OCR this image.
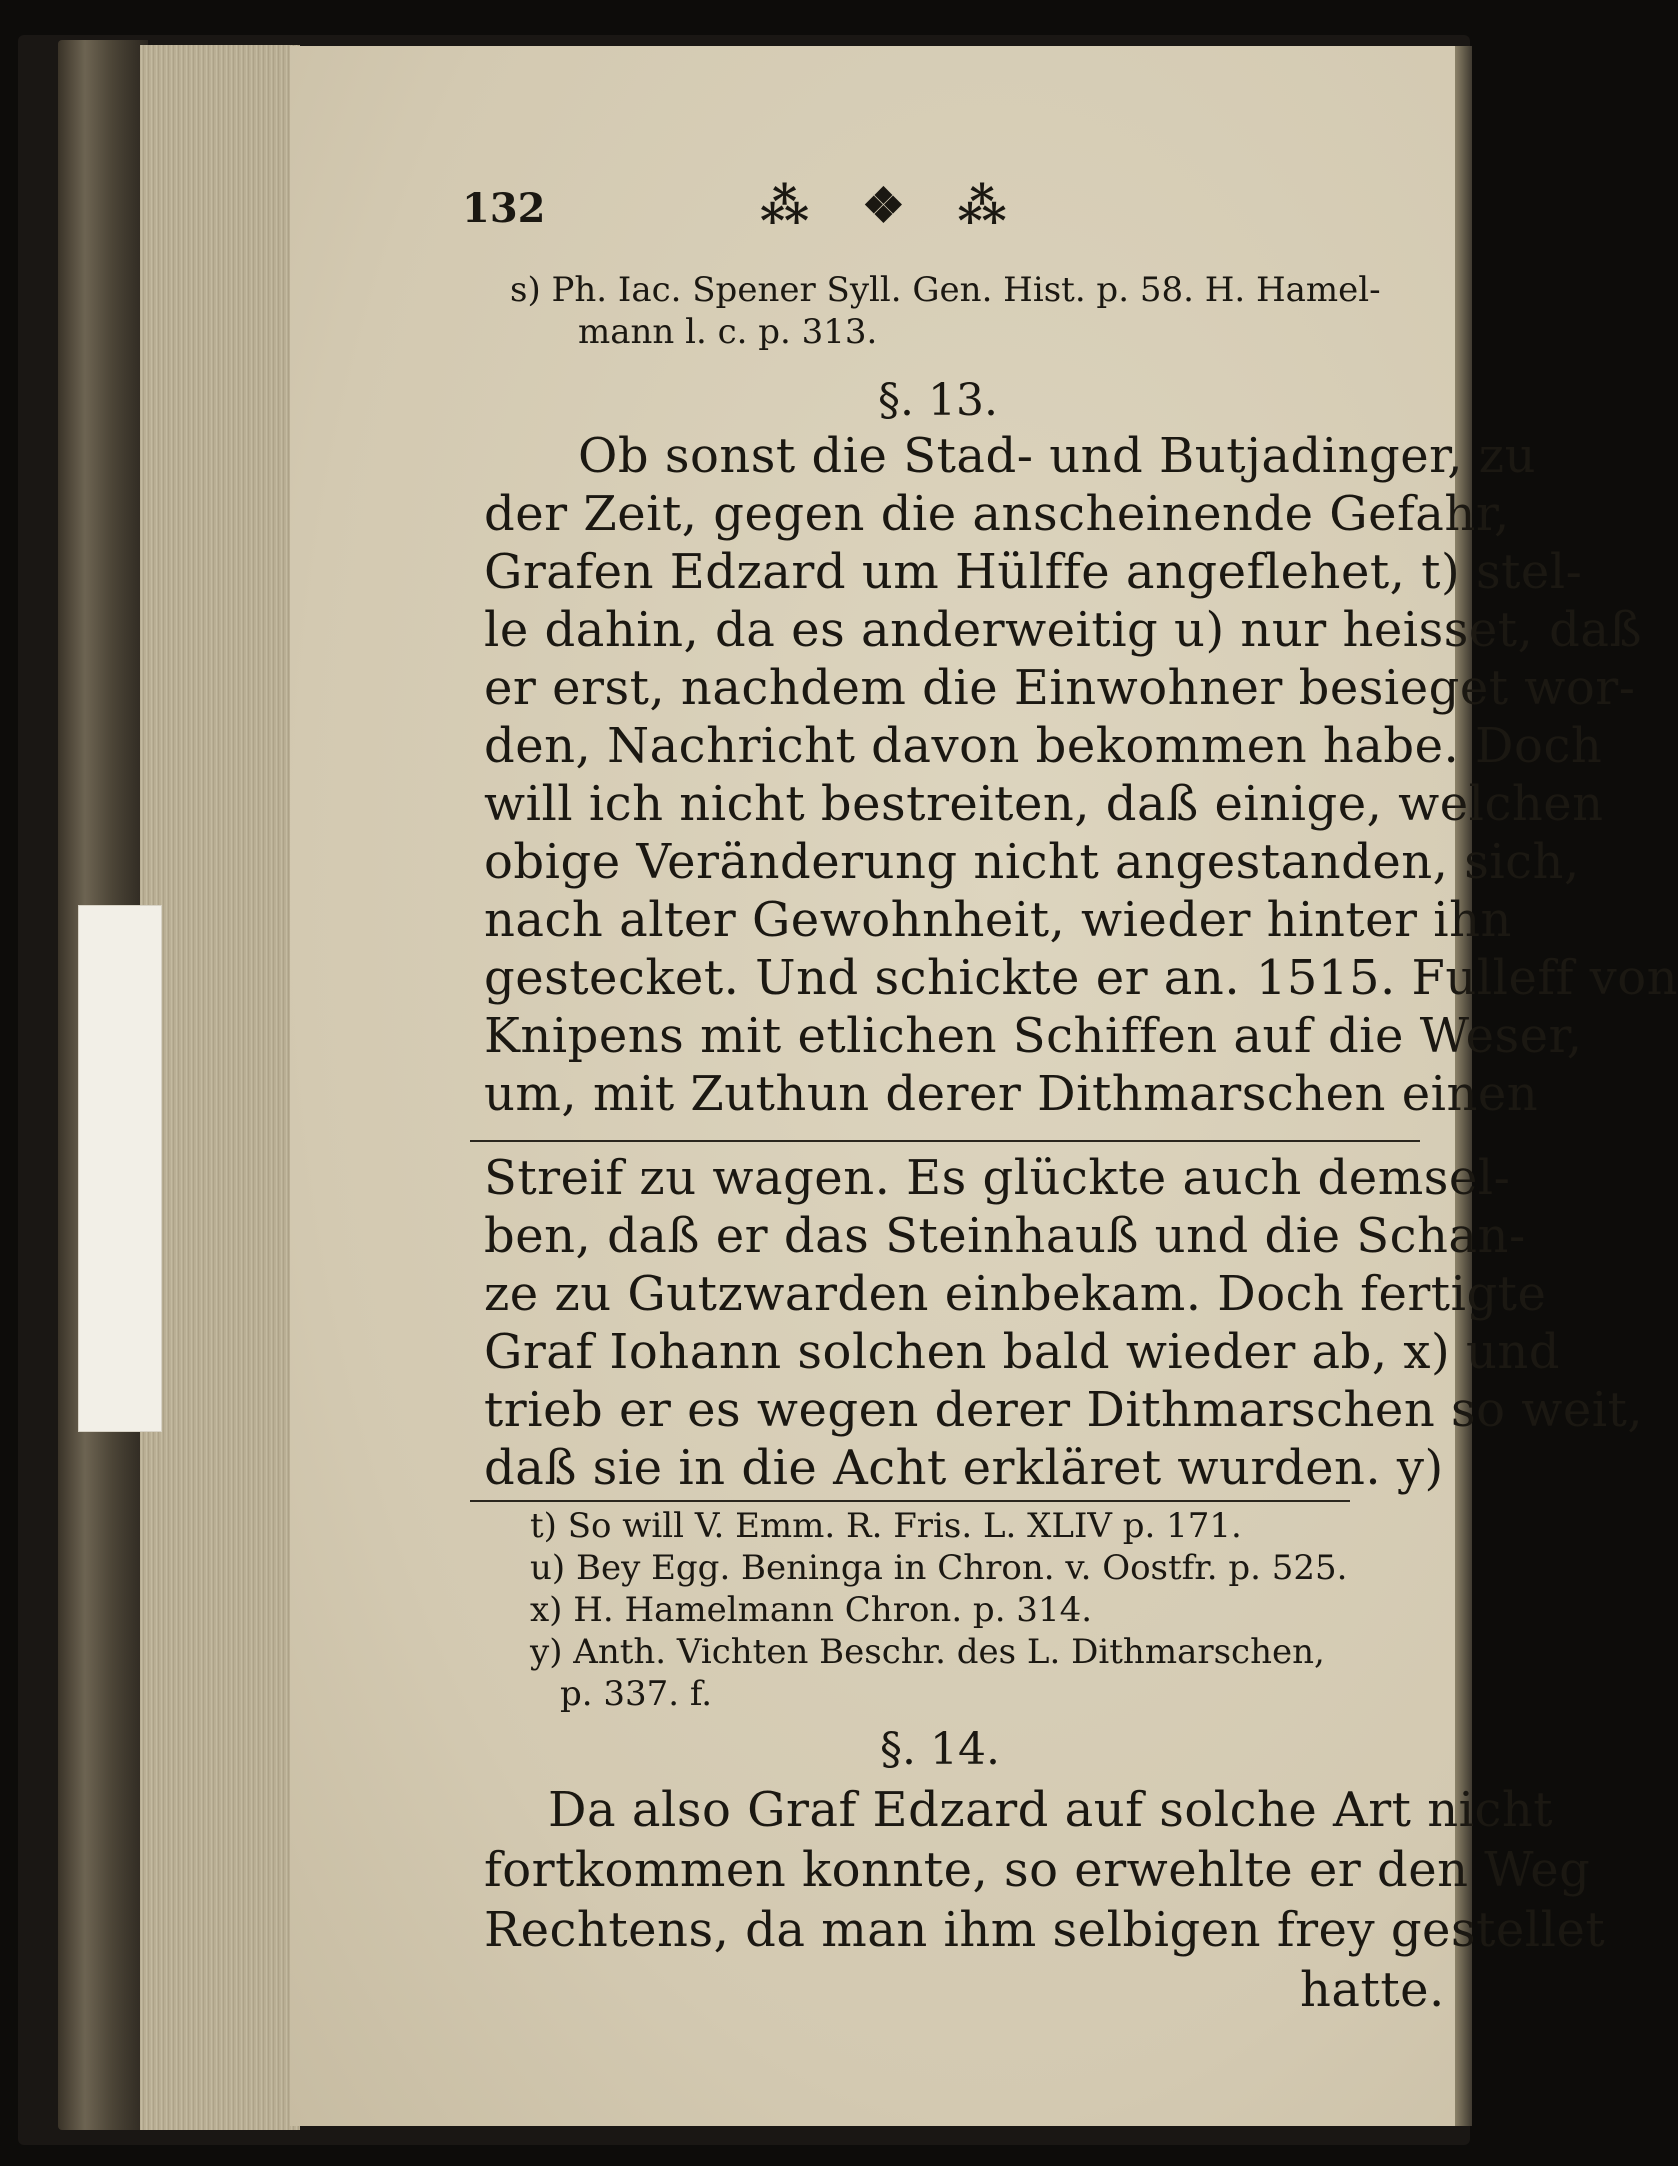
132	⁂ ❖ ⁂
s) Ph. Iac. Spener Syll. Gen. Hist. p. 58. H. Hamel-
mann l. c. p. 313.
§. 13.
Ob sonst die Stad- und Butjadinger, zu
der Zeit, gegen die anscheinende Gefahr,
Grafen Edzard um Hülffe angeflehet, t) stel-
le dahin, da es anderweitig u) nur heisset, daß
er erst, nachdem die Einwohner besieget wor-
den, Nachricht davon bekommen habe. Doch
will ich nicht bestreiten, daß einige, welchen
obige Veränderung nicht angestanden, sich,
nach alter Gewohnheit, wieder hinter ihn
gestecket. Und schickte er an. 1515. Fulleff von
Knipens mit etlichen Schiffen auf die Weser,
um, mit Zuthun derer Dithmarschen einen
Streif zu wagen. Es glückte auch demsel-
ben, daß er das Steinhauß und die Schan-
ze zu Gutzwarden einbekam. Doch fertigte
Graf Iohann solchen bald wieder ab, x) und
trieb er es wegen derer Dithmarschen so weit,
daß sie in die Acht erkläret wurden. y)
t) So will V. Emm. R. Fris. L. XLIV p. 171.
u) Bey Egg. Beninga in Chron. v. Oostfr. p. 525.
x) H. Hamelmann Chron. p. 314.
y) Anth. Vichten Beschr. des L. Dithmarschen,
p. 337. f.
§. 14.
Da also Graf Edzard auf solche Art nicht
fortkommen konnte, so erwehlte er den Weg
Rechtens, da man ihm selbigen frey gestellet
hatte.
